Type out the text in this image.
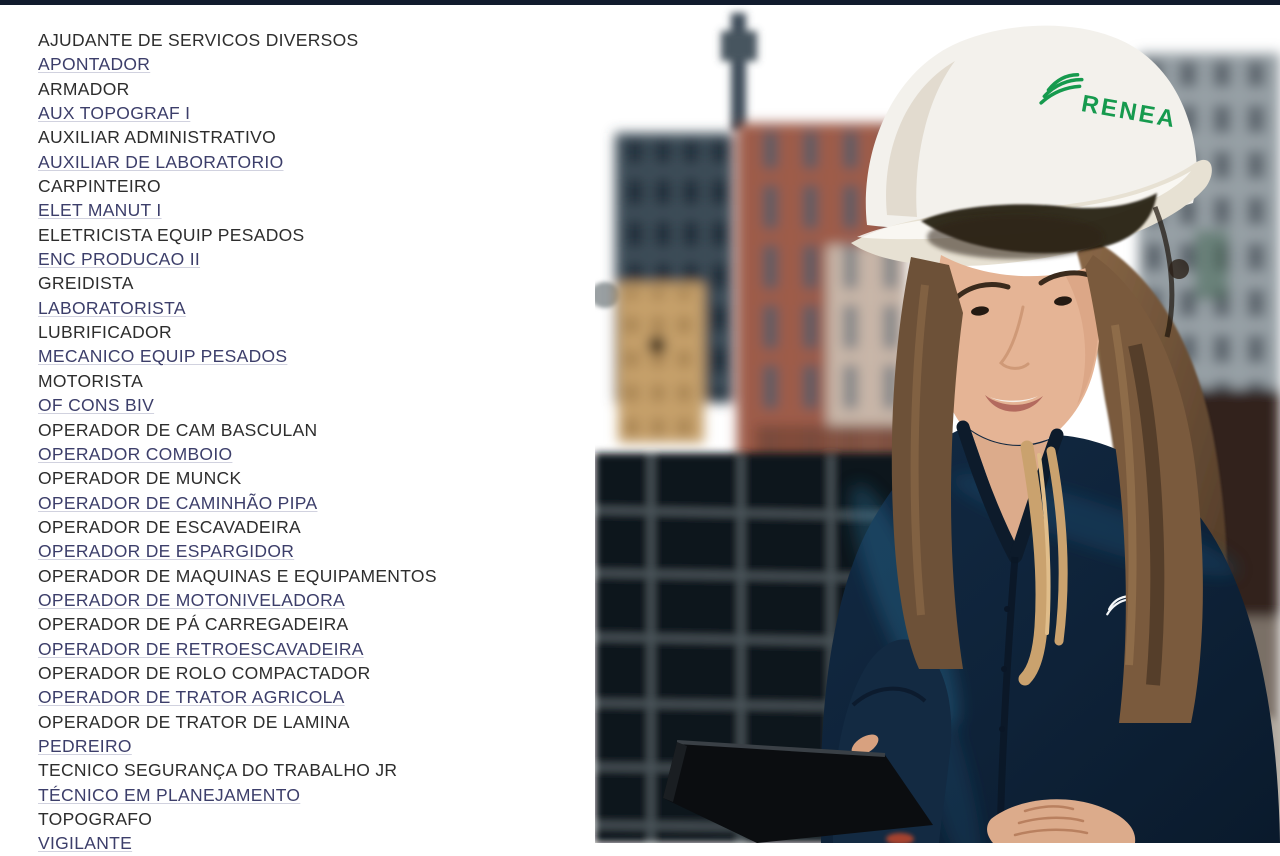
AJUDANTE DE SERVICOS DIVERSOS
APONTADOR
ARMADOR
AUX TOPOGRAF I
AUXILIAR ADMINISTRATIVO
AUXILIAR DE LABORATORIO
CARPINTEIRO
ELET MANUT I
ELETRICISTA EQUIP PESADOS
ENC PRODUCAO II
GREIDISTA
LABORATORISTA
LUBRIFICADOR
MECANICO EQUIP PESADOS
MOTORISTA
OF CONS BIV
OPERADOR DE CAM BASCULAN
OPERADOR COMBOIO
OPERADOR DE MUNCK
OPERADOR DE CAMINHÃO PIPA
OPERADOR DE ESCAVADEIRA
OPERADOR DE ESPARGIDOR
OPERADOR DE MAQUINAS E EQUIPAMENTOS
OPERADOR DE MOTONIVELADORA
OPERADOR DE PÁ CARREGADEIRA
OPERADOR DE RETROESCAVADEIRA
OPERADOR DE ROLO COMPACTADOR
OPERADOR DE TRATOR AGRICOLA
OPERADOR DE TRATOR DE LAMINA
PEDREIRO
TECNICO SEGURANÇA DO TRABALHO JR
TÉCNICO EM PLANEJAMENTO
TOPOGRAFO
VIGILANTE
RENEA
